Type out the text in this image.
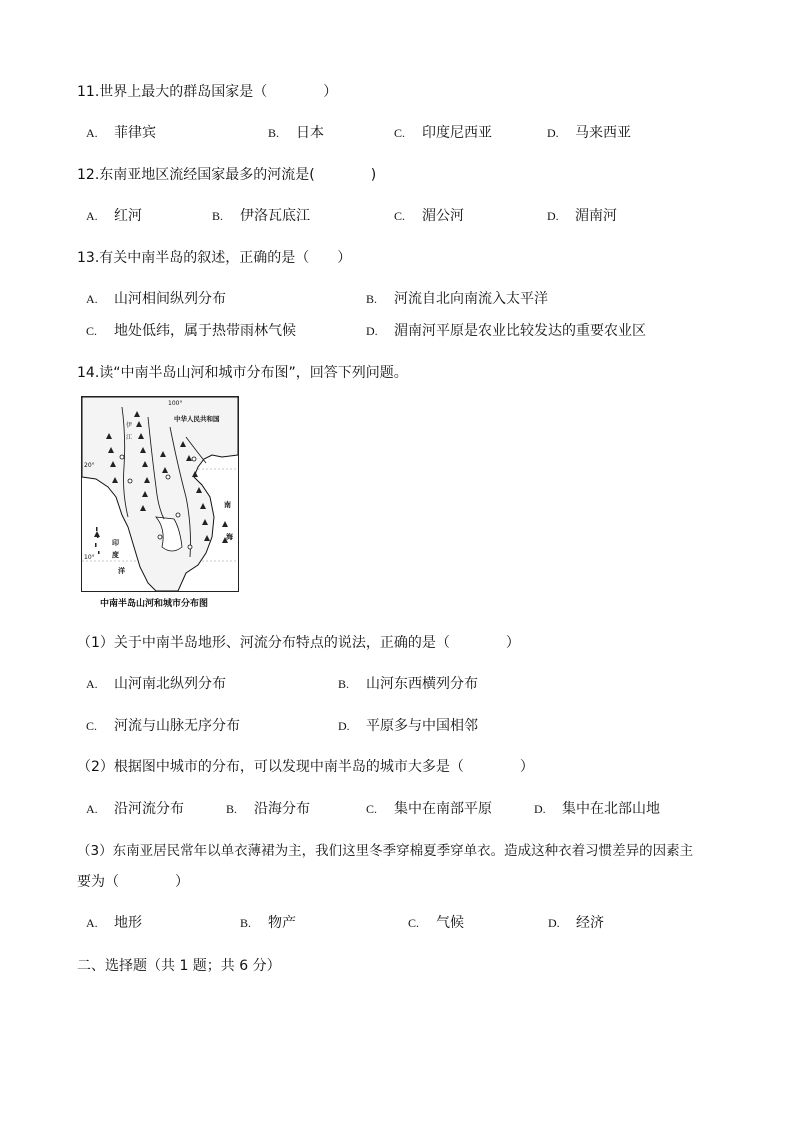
11.世界上最大的群岛国家是（　　　　）
A. 菲律宾	B. 日本	C. 印度尼西亚	D. 马来西亚
12.东南亚地区流经国家最多的河流是(　　　　)
A. 红河	B. 伊洛瓦底江	C. 湄公河	D. 湄南河
13.有关中南半岛的叙述，正确的是（　　）
A. 山河相间纵列分布	B. 河流自北向南流入太平洋
C. 地处低纬，属于热带雨林气候	D. 湄南河平原是农业比较发达的重要农业区
14.读“中南半岛山河和城市分布图”，回答下列问题。
100°
中华人民共和国
20°
10°
印
度
洋
南
海
伊
江
中南半岛山河和城市分布图
（1）关于中南半岛地形、河流分布特点的说法，正确的是（　　　　）
A. 山河南北纵列分布	B. 山河东西横列分布
C. 河流与山脉无序分布	D. 平原多与中国相邻
（2）根据图中城市的分布，可以发现中南半岛的城市大多是（　　　　）
A. 沿河流分布	B. 沿海分布	C. 集中在南部平原	D. 集中在北部山地
（3）东南亚居民常年以单衣薄裙为主，我们这里冬季穿棉夏季穿单衣。造成这种衣着习惯差异的因素主
要为（　　　　）
A. 地形	B. 物产	C. 气候	D. 经济
二、选择题（共 1 题；共 6 分）
